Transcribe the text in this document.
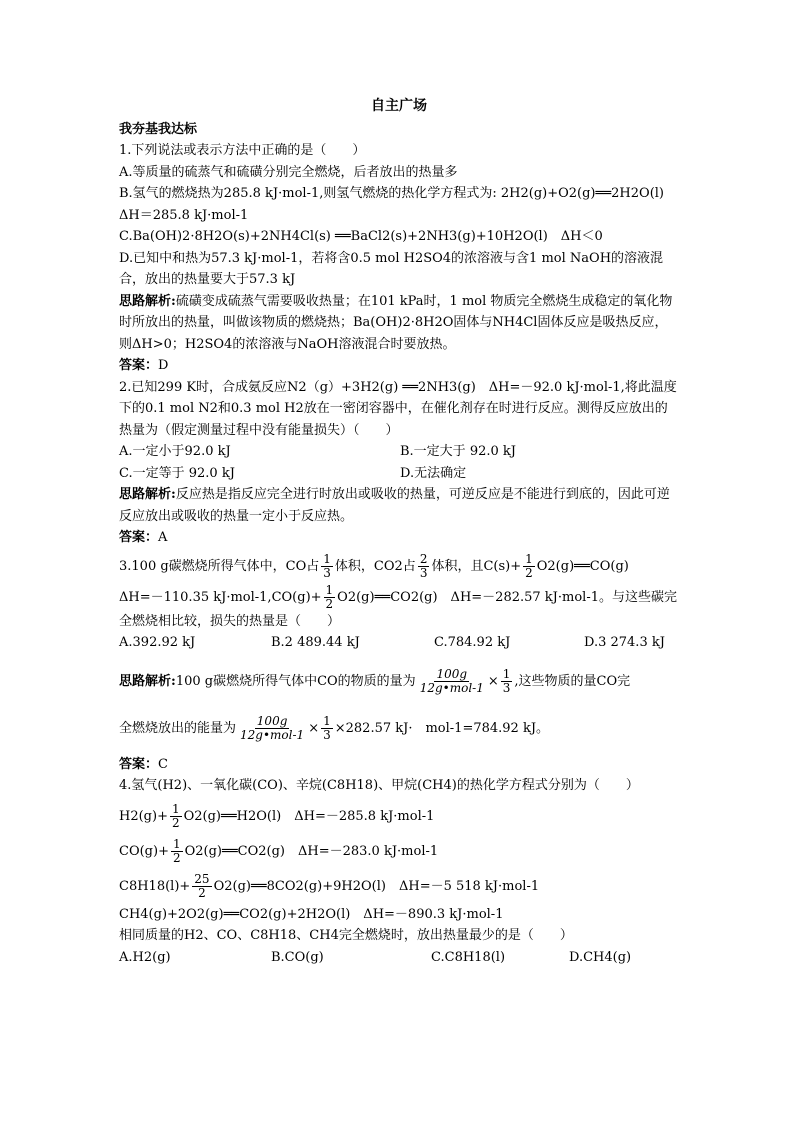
自主广场
我夯基我达标
1.下列说法或表示方法中正确的是（　　）
A.等质量的硫蒸气和硫磺分别完全燃烧，后者放出的热量多
B.氢气的燃烧热为285.8 kJ·mol-1,则氢气燃烧的热化学方程式为: 2H2(g)+O2(g)══2H2O(l)
ΔH＝285.8 kJ·mol-1
C.Ba(OH)2·8H2O(s)+2NH4Cl(s) ══BaCl2(s)+2NH3(g)+10H2O(l)　ΔH＜0
D.已知中和热为57.3 kJ·mol-1，若将含0.5 mol H2SO4的浓溶液与含1 mol NaOH的溶液混合，放出的热量要大于57.3 kJ
思路解析:硫磺变成硫蒸气需要吸收热量；在101 kPa时，1 mol 物质完全燃烧生成稳定的氧化物时所放出的热量，叫做该物质的燃烧热；Ba(OH)2·8H2O固体与NH4Cl固体反应是吸热反应，则ΔH>0；H2SO4的浓溶液与NaOH溶液混合时要放热。
答案：D
2.已知299 K时，合成氨反应N2（g）+3H2(g) ══2NH3(g)　ΔH=－92.0 kJ·mol-1,将此温度下的0.1 mol N2和0.3 mol H2放在一密闭容器中，在催化剂存在时进行反应。测得反应放出的热量为（假定测量过程中没有能量损失）（　　）
A.一定小于92.0 kJ	B.一定大于 92.0 kJ
C.一定等于 92.0 kJ	D.无法确定
思路解析:反应热是指反应完全进行时放出或吸收的热量，可逆反应是不能进行到底的，因此可逆反应放出或吸收的热量一定小于反应热。
答案：A
3.100 g碳燃烧所得气体中，CO占 $\frac{1}{3}$ 体积，CO2占 $\frac{2}{3}$ 体积，且$C(s)+ \frac{1}{2}$ O2(g)══CO(g)
ΔH=－110.35 $kJ\cdot mol-1,CO(g)+ \frac{1}{2}$ O2(g)══CO2(g)　ΔH=－282.57 kJ·mol-1。与这些碳完
全燃烧相比较，损失的热量是（　　）
A.392.92 kJ	B.2 489.44 kJ	C.784.92 kJ	D.3 274.3 kJ
思路解析:100 g碳燃烧所得气体中CO的物质的量为 $\frac{100g}{\text{12g•mol-1}} \times \frac{1}{3}$ ,这些物质的量CO完
全燃烧放出的能量为 $\frac{100g}{\text{12g•mol-1}} \times \frac{1}{3} \times 282.57$ kJ·　mol-1=784.92 kJ。
答案：C
4.氢气(H2)、一氧化碳(CO)、辛烷(C8H18)、甲烷(CH4)的热化学方程式分别为（　　）
$H2(g)+ \frac{1}{2}$ O2(g)══H2O(l)　ΔH=－285.8 kJ·mol-1
$CO(g)+ \frac{1}{2}$ O2(g)══CO2(g)　ΔH=－283.0 kJ·mol-1
$C8H18(l)+ \frac{25}{2}$ O2(g)══8CO2(g)+9H2O(l)　ΔH=－5 518 kJ·mol-1
CH4(g)+2O2(g)══CO2(g)+2H2O(l)　ΔH=－890.3 kJ·mol-1
相同质量的H2、CO、C8H18、CH4完全燃烧时，放出热量最少的是（　　）
A.H2(g)	B.CO(g)	C.C8H18(l)	D.CH4(g)
